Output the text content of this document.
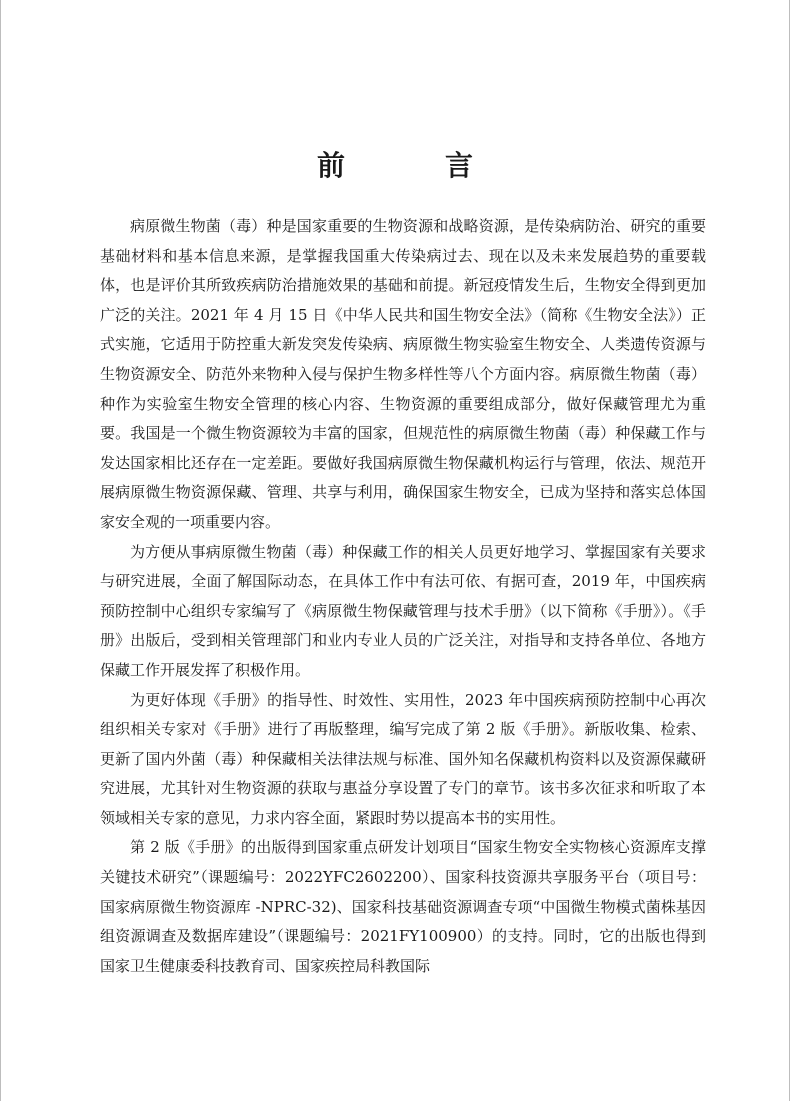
前　言

病原微生物菌（毒）种是国家重要的生物资源和战略资源，是传染病防治、研究的重要基础材料和基本信息来源，是掌握我国重大传染病过去、现在以及未来发展趋势的重要载体，也是评价其所致疾病防治措施效果的基础和前提。新冠疫情发生后，生物安全得到更加广泛的关注。2021 年 4 月 15 日《中华人民共和国生物安全法》（简称《生物安全法》）正式实施，它适用于防控重大新发突发传染病、病原微生物实验室生物安全、人类遗传资源与生物资源安全、防范外来物种入侵与保护生物多样性等八个方面内容。病原微生物菌（毒）种作为实验室生物安全管理的核心内容、生物资源的重要组成部分，做好保藏管理尤为重要。我国是一个微生物资源较为丰富的国家，但规范性的病原微生物菌（毒）种保藏工作与发达国家相比还存在一定差距。要做好我国病原微生物保藏机构运行与管理，依法、规范开展病原微生物资源保藏、管理、共享与利用，确保国家生物安全，已成为坚持和落实总体国家安全观的一项重要内容。

为方便从事病原微生物菌（毒）种保藏工作的相关人员更好地学习、掌握国家有关要求与研究进展，全面了解国际动态，在具体工作中有法可依、有据可查，2019 年，中国疾病预防控制中心组织专家编写了《病原微生物保藏管理与技术手册》（以下简称《手册》）。《手册》出版后，受到相关管理部门和业内专业人员的广泛关注，对指导和支持各单位、各地方保藏工作开展发挥了积极作用。

为更好体现《手册》的指导性、时效性、实用性，2023 年中国疾病预防控制中心再次组织相关专家对《手册》进行了再版整理，编写完成了第 2 版《手册》。新版收集、检索、更新了国内外菌（毒）种保藏相关法律法规与标准、国外知名保藏机构资料以及资源保藏研究进展，尤其针对生物资源的获取与惠益分享设置了专门的章节。该书多次征求和听取了本领域相关专家的意见，力求内容全面，紧跟时势以提高本书的实用性。

第 2 版《手册》的出版得到国家重点研发计划项目“国家生物安全实物核心资源库支撑关键技术研究”（课题编号：2022YFC2602200）、国家科技资源共享服务平台（项目号：国家病原微生物资源库 -NPRC-32)、国家科技基础资源调查专项“中国微生物模式菌株基因组资源调查及数据库建设”（课题编号：2021FY100900）的支持。同时，它的出版也得到国家卫生健康委科技教育司、国家疾控局科教国际
